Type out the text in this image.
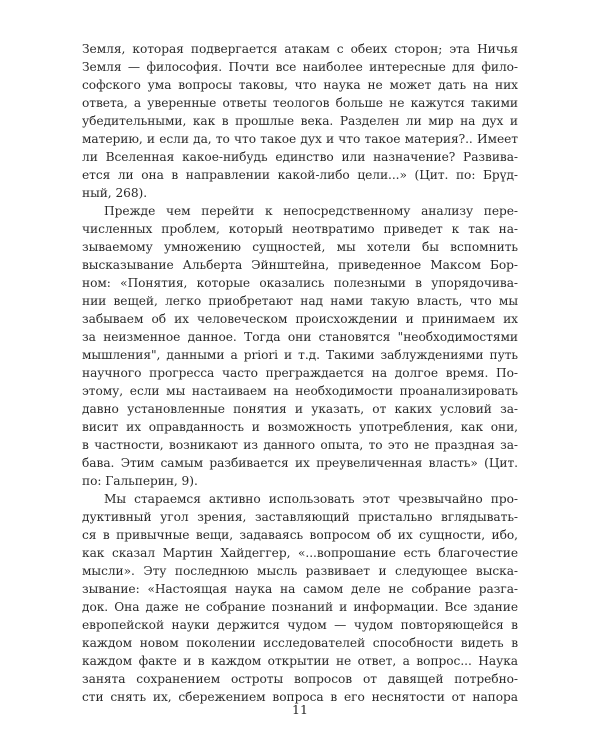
Земля, которая подвергается атакам с обеих сторон; эта Ничья
Земля — философия. Почти все наиболее интересные для фило-
софского ума вопросы таковы, что наука не может дать на них
ответа, а уверенные ответы теологов больше не кажутся такими
убедительными, как в прошлые века. Разделен ли мир на дух и
материю, и если да, то что такое дух и что такое материя?.. Имеет
ли Вселенная какое-нибудь единство или назначение? Развива-
ется ли она в направлении какой-либо цели...» (Цит. по: Брүд-
ный, 268).
Прежде чем перейти к непосредственному анализу пере-
численных проблем, который неотвратимо приведет к так на-
зываемому умножению сущностей, мы хотели бы вспомнить
высказывание Альберта Эйнштейна, приведенное Максом Бор-
ном: «Понятия, которые оказались полезными в упорядочива-
нии вещей, легко приобретают над нами такую власть, что мы
забываем об их человеческом происхождении и принимаем их
за неизменное данное. Тогда они становятся "необходимостями
мышления", данными a priori и т.д. Такими заблуждениями путь
научного прогресса часто преграждается на долгое время. По-
этому, если мы настаиваем на необходимости проанализировать
давно установленные понятия и указать, от каких условий за-
висит их оправданность и возможность употребления, как они,
в частности, возникают из данного опыта, то это не праздная за-
бава. Этим самым разбивается их преувеличенная власть» (Цит.
по: Гальперин, 9).
Мы стараемся активно использовать этот чрезвычайно про-
дуктивный угол зрения, заставляющий пристально вглядывать-
ся в привычные вещи, задаваясь вопросом об их сущности, ибо,
как сказал Мартин Хайдеггер, «...вопрошание есть благочестие
мысли». Эту последнюю мысль развивает и следующее выска-
зывание: «Настоящая наука на самом деле не собрание разга-
док. Она даже не собрание познаний и информации. Все здание
европейской науки держится чудом — чудом повторяющейся в
каждом новом поколении исследователей способности видеть в
каждом факте и в каждом открытии не ответ, а вопрос... Наука
занята сохранением остроты вопросов от давящей потребно-
сти снять их, сбережением вопроса в его неснятости от напора
11
